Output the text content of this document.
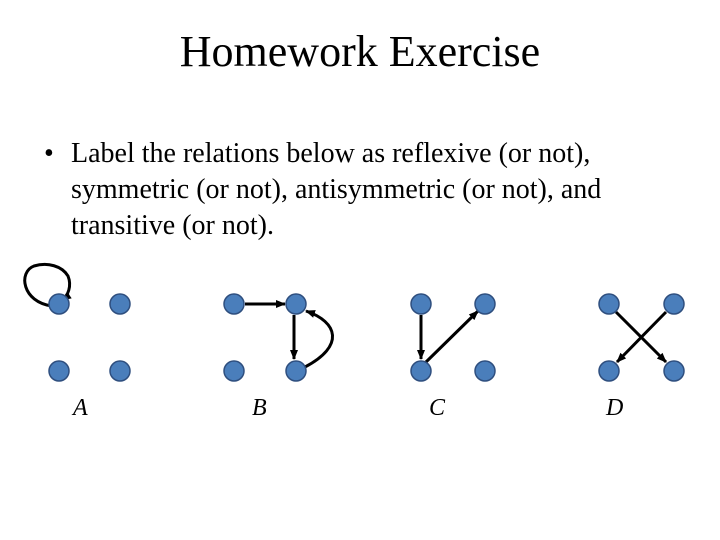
Homework Exercise
• Label the relations below as reflexive (or not), symmetric (or not), antisymmetric (or not), and transitive (or not).
A	B	C	D
